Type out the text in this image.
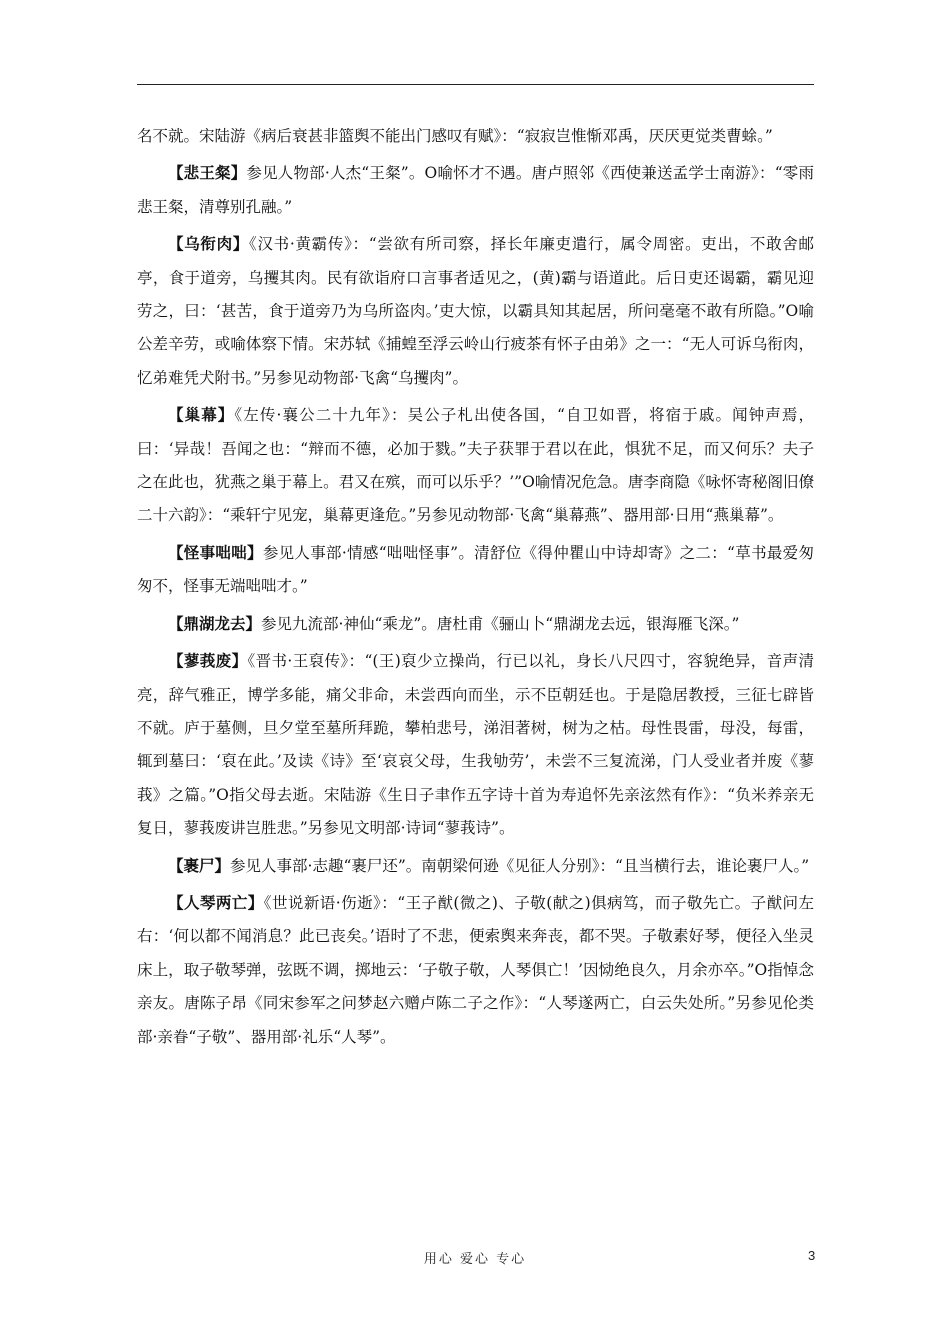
名不就。宋陆游《病后衰甚非篮舆不能出门感叹有赋》：“寂寂岂惟惭邓禹，厌厌更觉类曹蜍。”

【悲王粲】参见人物部·人杰“王粲”。O喻怀才不遇。唐卢照邻《西使兼送孟学士南游》：“零雨悲王粲，清尊别孔融。”

【乌衔肉】《汉书·黄霸传》：“尝欲有所司察，择长年廉吏遣行，属令周密。吏出，不敢舍邮亭，食于道旁，乌攫其肉。民有欲诣府口言事者适见之，(黄)霸与语道此。后日吏还谒霸，霸见迎劳之，曰：‘甚苦，食于道旁乃为乌所盗肉。’吏大惊，以霸具知其起居，所问毫毫不敢有所隐。”O喻公差辛劳，或喻体察下情。宋苏轼《捕蝗至浮云岭山行疲茶有怀子由弟》之一：“无人可诉乌衔肉，忆弟难凭犬附书。”另参见动物部·飞禽“乌攫肉”。

【巢幕】《左传·襄公二十九年》：吴公子札出使各国，“自卫如晋，将宿于戚。闻钟声焉，曰：‘异哉！吾闻之也：“辩而不德，必加于戮。”夫子获罪于君以在此，惧犹不足，而又何乐？夫子之在此也，犹燕之巢于幕上。君又在殡，而可以乐乎？’”O喻情况危急。唐李商隐《咏怀寄秘阁旧僚二十六韵》：“乘轩宁见宠，巢幕更逢危。”另参见动物部·飞禽“巢幕燕”、器用部·日用“燕巢幕”。

【怪事咄咄】参见人事部·情感“咄咄怪事”。清舒位《得仲瞿山中诗却寄》之二：“草书最爱匆匆不，怪事无端咄咄才。”

【鼎湖龙去】参见九流部·神仙“乘龙”。唐杜甫《骊山卜“鼎湖龙去远，银海雁飞深。”

【蓼莪废】《晋书·王裒传》：“(王)裒少立操尚，行已以礼，身长八尺四寸，容貌绝异，音声清亮，辞气雅正，博学多能，痛父非命，未尝西向而坐，示不臣朝廷也。于是隐居教授，三征七辟皆不就。庐于墓侧，旦夕堂至墓所拜跪，攀柏悲号，涕泪著树，树为之枯。母性畏雷，母没，每雷，辄到墓曰：‘裒在此。’及读《诗》至‘哀哀父母，生我劬劳’，未尝不三复流涕，门人受业者并废《蓼莪》之篇。”O指父母去逝。宋陆游《生日子聿作五字诗十首为寿追怀先亲泫然有作》：“负米养亲无复日，蓼莪废讲岂胜悲。”另参见文明部·诗词“蓼莪诗”。

【裹尸】参见人事部·志趣“裹尸还”。南朝梁何逊《见征人分别》：“且当横行去，谁论裹尸人。”

【人琴两亡】《世说新语·伤逝》：“王子猷(微之)、子敬(献之)俱病笃，而子敬先亡。子猷问左右：‘何以都不闻消息？此已丧矣。’语时了不悲，便索舆来奔丧，都不哭。子敬素好琴，便径入坐灵床上，取子敬琴弹，弦既不调，掷地云：‘子敬子敬，人琴俱亡！’因恸绝良久，月余亦卒。”O指悼念亲友。唐陈子昂《同宋参军之问梦赵六赠卢陈二子之作》：“人琴遂两亡，白云失处所。”另参见伦类部·亲眷“子敬”、器用部·礼乐“人琴”。

用心 爱心 专心	3
